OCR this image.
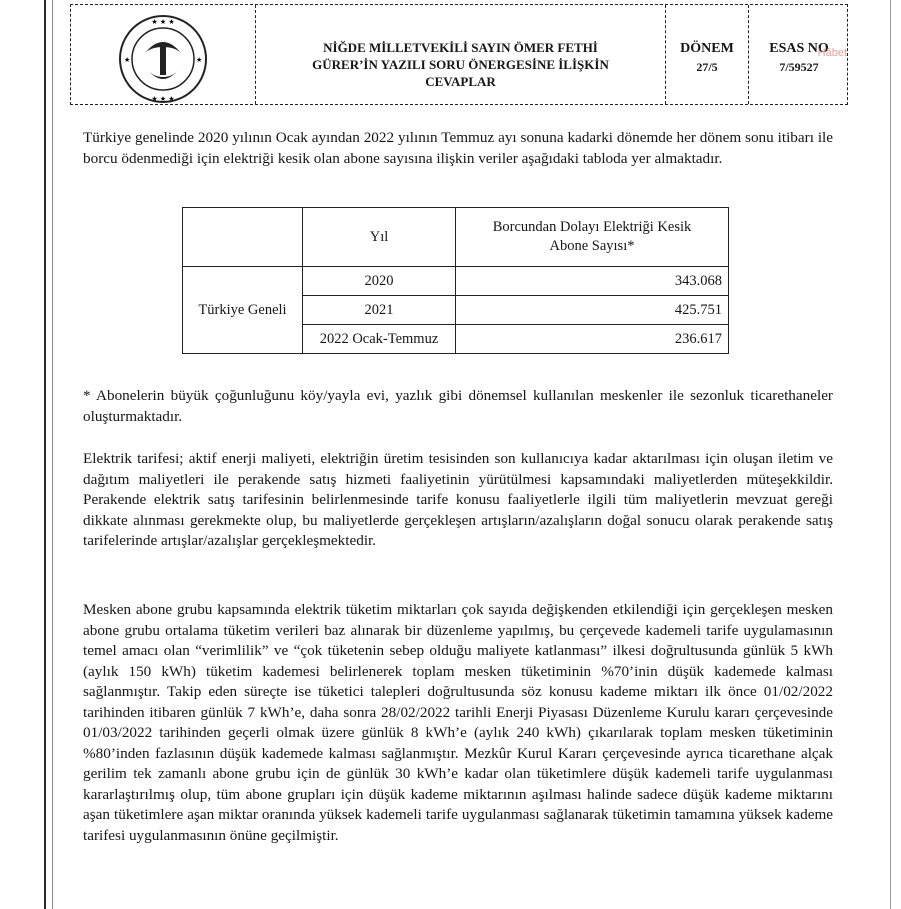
★ ★ ★
★ ★ ★
★	★
NİĞDE MİLLETVEKİLİ SAYIN ÖMER FETHİ
GÜRER’İN YAZILI SORU ÖNERGESİNE İLİŞKİN
CEVAPLAR
DÖNEM
27/5
ESAS NO
7/59527
Hâbet
Türkiye genelinde 2020 yılının Ocak ayından 2022 yılının Temmuz ayı sonuna kadarki dönemde her dönem sonu itibarı ile borcu ödenmediği için elektriği kesik olan abone sayısına ilişkin veriler aşağıdaki tabloda yer almaktadır.
	Yıl	Borcundan Dolayı Elektriği Kesik
Abone Sayısı*

Türkiye Geneli	2020	343.068
	2021	425.751
	2022 Ocak-Temmuz	236.617
* Abonelerin büyük çoğunluğunu köy/yayla evi, yazlık gibi dönemsel kullanılan meskenler ile sezonluk ticarethaneler oluşturmaktadır.
Elektrik tarifesi; aktif enerji maliyeti, elektriğin üretim tesisinden son kullanıcıya kadar aktarılması için oluşan iletim ve dağıtım maliyetleri ile perakende satış hizmeti faaliyetinin yürütülmesi kapsamındaki maliyetlerden müteşekkildir. Perakende elektrik satış tarifesinin belirlenmesinde tarife konusu faaliyetlerle ilgili tüm maliyetlerin mevzuat gereği dikkate alınması gerekmekte olup, bu maliyetlerde gerçekleşen artışların/azalışların doğal sonucu olarak perakende satış tarifelerinde artışlar/azalışlar gerçekleşmektedir.
Mesken abone grubu kapsamında elektrik tüketim miktarları çok sayıda değişkenden etkilendiği için gerçekleşen mesken abone grubu ortalama tüketim verileri baz alınarak bir düzenleme yapılmış, bu çerçevede kademeli tarife uygulamasının temel amacı olan “verimlilik” ve “çok tüketenin sebep olduğu maliyete katlanması” ilkesi doğrultusunda günlük 5 kWh (aylık 150 kWh) tüketim kademesi belirlenerek toplam mesken tüketiminin %70’inin düşük kademede kalması sağlanmıştır. Takip eden süreçte ise tüketici talepleri doğrultusunda söz konusu kademe miktarı ilk önce 01/02/2022 tarihinden itibaren günlük 7 kWh’e, daha sonra 28/02/2022 tarihli Enerji Piyasası Düzenleme Kurulu kararı çerçevesinde 01/03/2022 tarihinden geçerli olmak üzere günlük 8 kWh’e (aylık 240 kWh) çıkarılarak toplam mesken tüketiminin %80’inden fazlasının düşük kademede kalması sağlanmıştır. Mezkûr Kurul Kararı çerçevesinde ayrıca ticarethane alçak gerilim tek zamanlı abone grubu için de günlük 30 kWh’e kadar olan tüketimlere düşük kademeli tarife uygulanması kararlaştırılmış olup, tüm abone grupları için düşük kademe miktarının aşılması halinde sadece düşük kademe miktarını aşan tüketimlere aşan miktar oranında yüksek kademeli tarife uygulanması sağlanarak tüketimin tamamına yüksek kademe tarifesi uygulanmasının önüne geçilmiştir.
